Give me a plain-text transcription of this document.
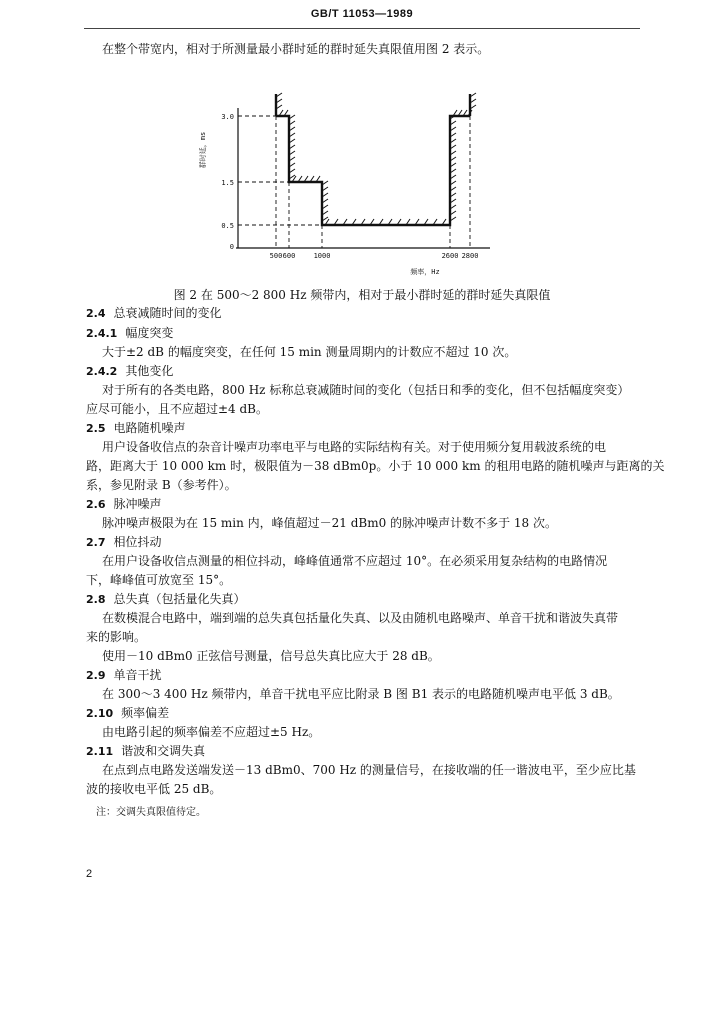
GB/T 11053—1989
在整个带宽内，相对于所测量最小群时延的群时延失真限值用图 2 表示。
3.0
1.5
0.5
0
500 600	1000	2600 2800
群时延，ms
频率，Hz
图 2 在 500～2 800 Hz 频带内，相对于最小群时延的群时延失真限值
2.4 总衰减随时间的变化
2.4.1 幅度突变
大于±2 dB 的幅度突变，在任何 15 min 测量周期内的计数应不超过 10 次。
2.4.2 其他变化
对于所有的各类电路，800 Hz 标称总衰减随时间的变化（包括日和季的变化，但不包括幅度突变）
应尽可能小，且不应超过±4 dB。
2.5 电路随机噪声
用户设备收信点的杂音计噪声功率电平与电路的实际结构有关。对于使用频分复用载波系统的电
路，距离大于 10 000 km 时，极限值为－38 dBm0p。小于 10 000 km 的租用电路的随机噪声与距离的关
系，参见附录 B（参考件）。
2.6 脉冲噪声
脉冲噪声极限为在 15 min 内，峰值超过－21 dBm0 的脉冲噪声计数不多于 18 次。
2.7 相位抖动
在用户设备收信点测量的相位抖动，峰峰值通常不应超过 10°。在必须采用复杂结构的电路情况
下，峰峰值可放宽至 15°。
2.8 总失真（包括量化失真）
在数模混合电路中，端到端的总失真包括量化失真、以及由随机电路噪声、单音干扰和谐波失真带
来的影响。
使用－10 dBm0 正弦信号测量，信号总失真比应大于 28 dB。
2.9 单音干扰
在 300～3 400 Hz 频带内，单音干扰电平应比附录 B 图 B1 表示的电路随机噪声电平低 3 dB。
2.10 频率偏差
由电路引起的频率偏差不应超过±5 Hz。
2.11 谐波和交调失真
在点到点电路发送端发送－13 dBm0、700 Hz 的测量信号，在接收端的任一谐波电平，至少应比基
波的接收电平低 25 dB。
注：交调失真限值待定。
2
